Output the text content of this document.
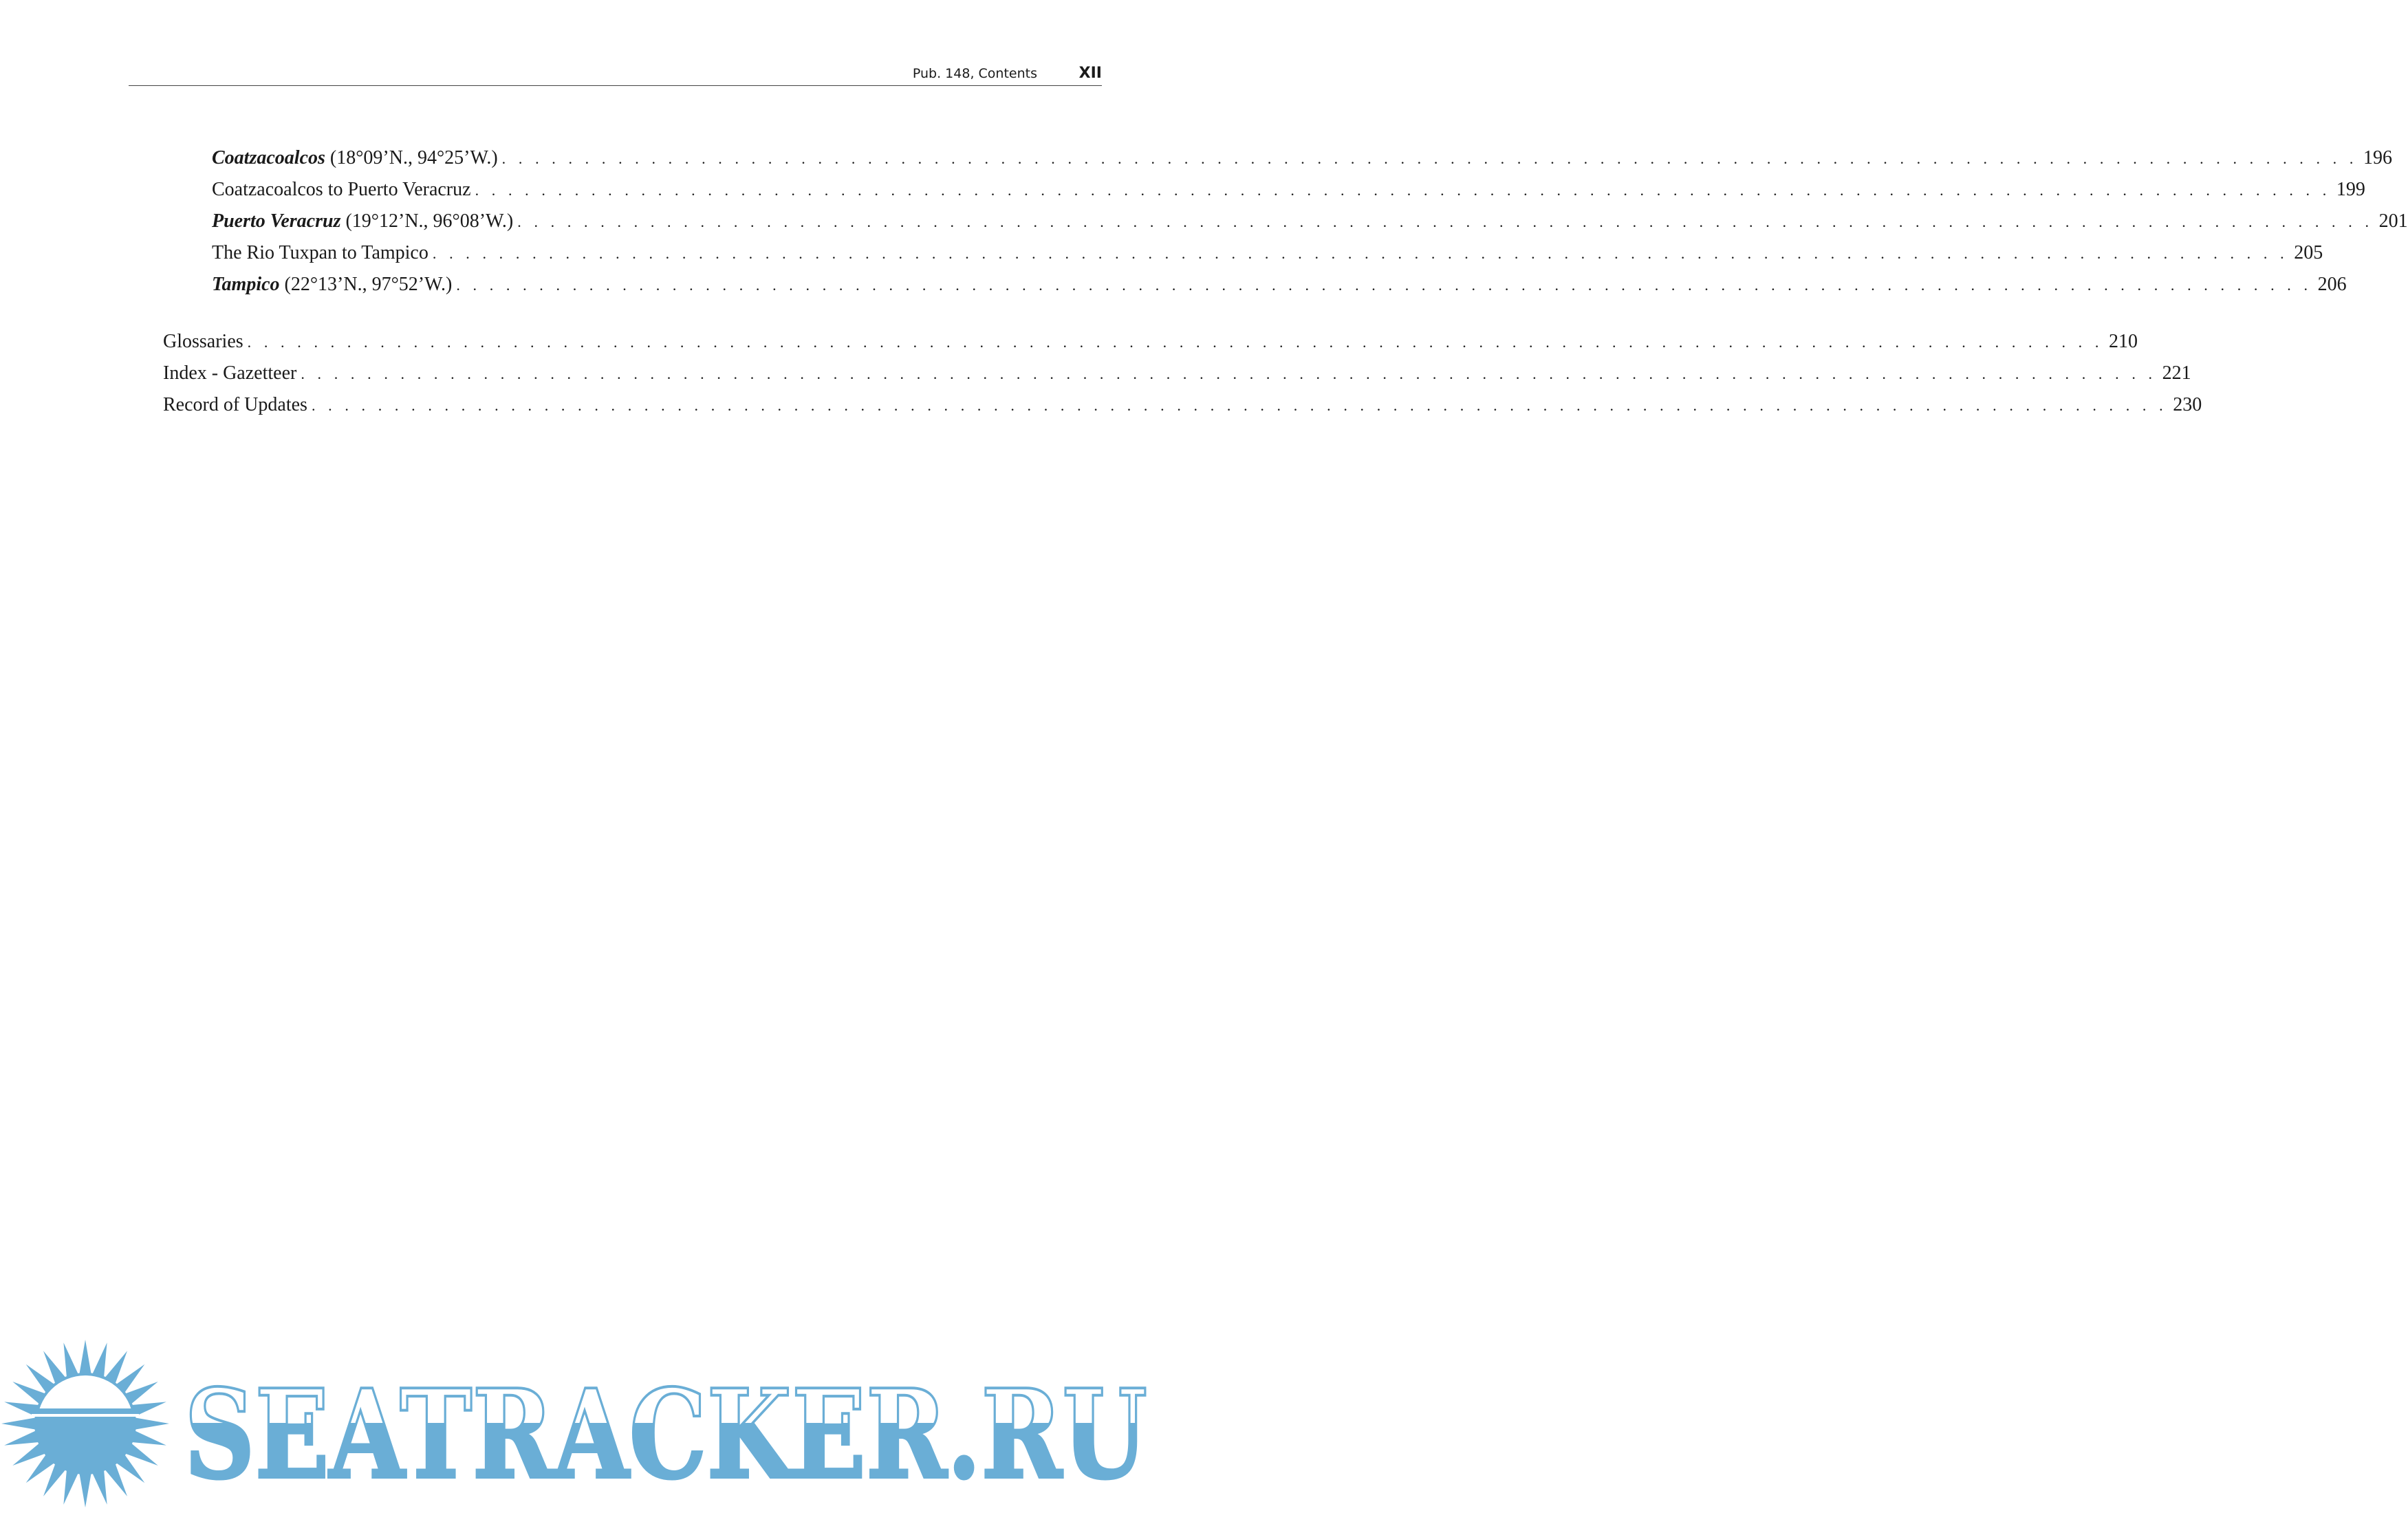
Pub. 148, Contents	XII
Coatzacoalcos (18°09’N., 94°25’W.) . . .	196
Coatzacoalcos to Puerto Veracruz . . .	199
Puerto Veracruz (19°12’N., 96°08’W.) . . .	201
The Rio Tuxpan to Tampico . . .	205
Tampico (22°13’N., 97°52’W.) . . .	206
Glossaries . . .	210
Index - Gazetteer . . .	221
Record of Updates . . .	230
SEATRACKER.RU
